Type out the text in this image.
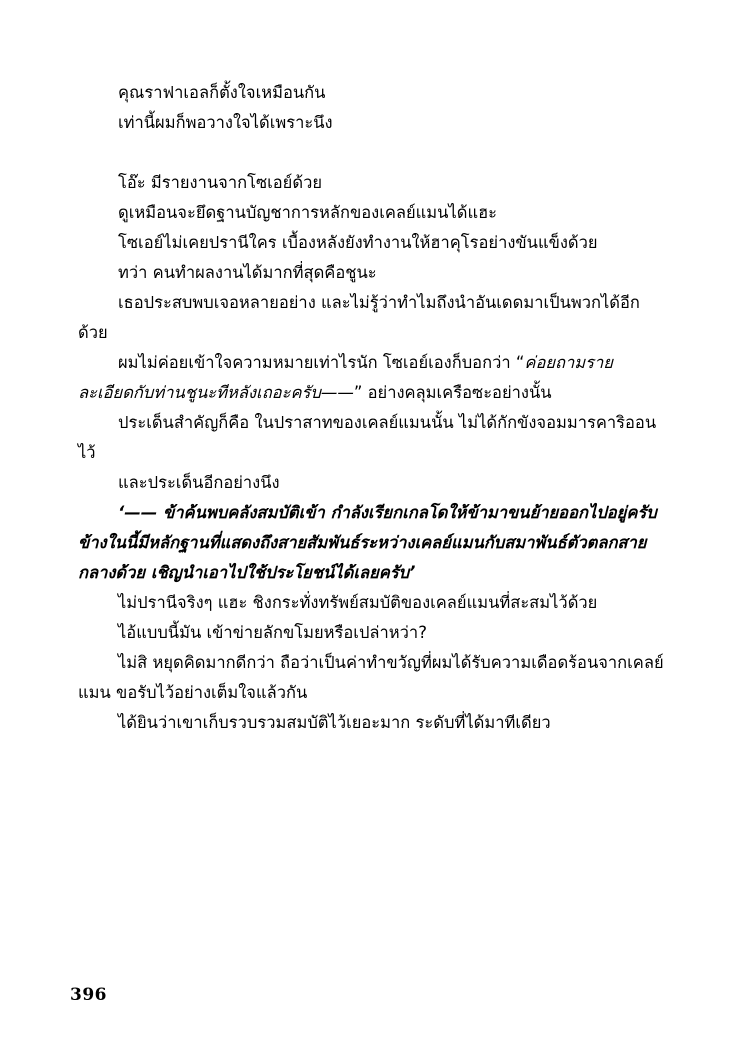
คุณราฟาเอลก็ตั้งใจเหมือนกัน

เท่านี้ผมก็พอวางใจได้เพราะนึง

โอ๊ะ มีรายงานจากโซเอย์ด้วย

ดูเหมือนจะยึดฐานบัญชาการหลักของเคลย์แมนได้แฮะ

โซเอย์ไม่เคยปรานีใคร เบื้องหลังยังทำงานให้ฮาคุโรอย่างขันแข็งด้วย

ทว่า คนทำผลงานได้มากที่สุดคือชูนะ

เธอประสบพบเจอหลายอย่าง และไม่รู้ว่าทำไมถึงนำอันเดดมาเป็นพวกได้อีกด้วย

ผมไม่ค่อยเข้าใจความหมายเท่าไรนัก โซเอย์เองก็บอกว่า “ค่อยถามรายละเอียดกับท่านชูนะทีหลังเถอะครับ——” อย่างคลุมเครือซะอย่างนั้น

ประเด็นสำคัญก็คือ ในปราสาทของเคลย์แมนนั้น ไม่ได้กักขังจอมมารคาริออนไว้

และประเด็นอีกอย่างนึง

‘—— ข้าค้นพบคลังสมบัติเข้า กำลังเรียกเกลโดให้ข้ามาขนย้ายออกไปอยู่ครับ ข้างในนี้มีหลักฐานที่แสดงถึงสายสัมพันธ์ระหว่างเคลย์แมนกับสมาพันธ์ตัวตลกสายกลางด้วย เชิญนำเอาไปใช้ประโยชน์ได้เลยครับ’

ไม่ปรานีจริงๆ แฮะ ชิงกระทั่งทรัพย์สมบัติของเคลย์แมนที่สะสมไว้ด้วย

ไอ้แบบนี้มัน เข้าข่ายลักขโมยหรือเปล่าหว่า?

ไม่สิ หยุดคิดมากดีกว่า ถือว่าเป็นค่าทำขวัญที่ผมได้รับความเดือดร้อนจากเคลย์แมน ขอรับไว้อย่างเต็มใจแล้วกัน

ได้ยินว่าเขาเก็บรวบรวมสมบัติไว้เยอะมาก ระดับที่ได้มาทีเดียว

396
